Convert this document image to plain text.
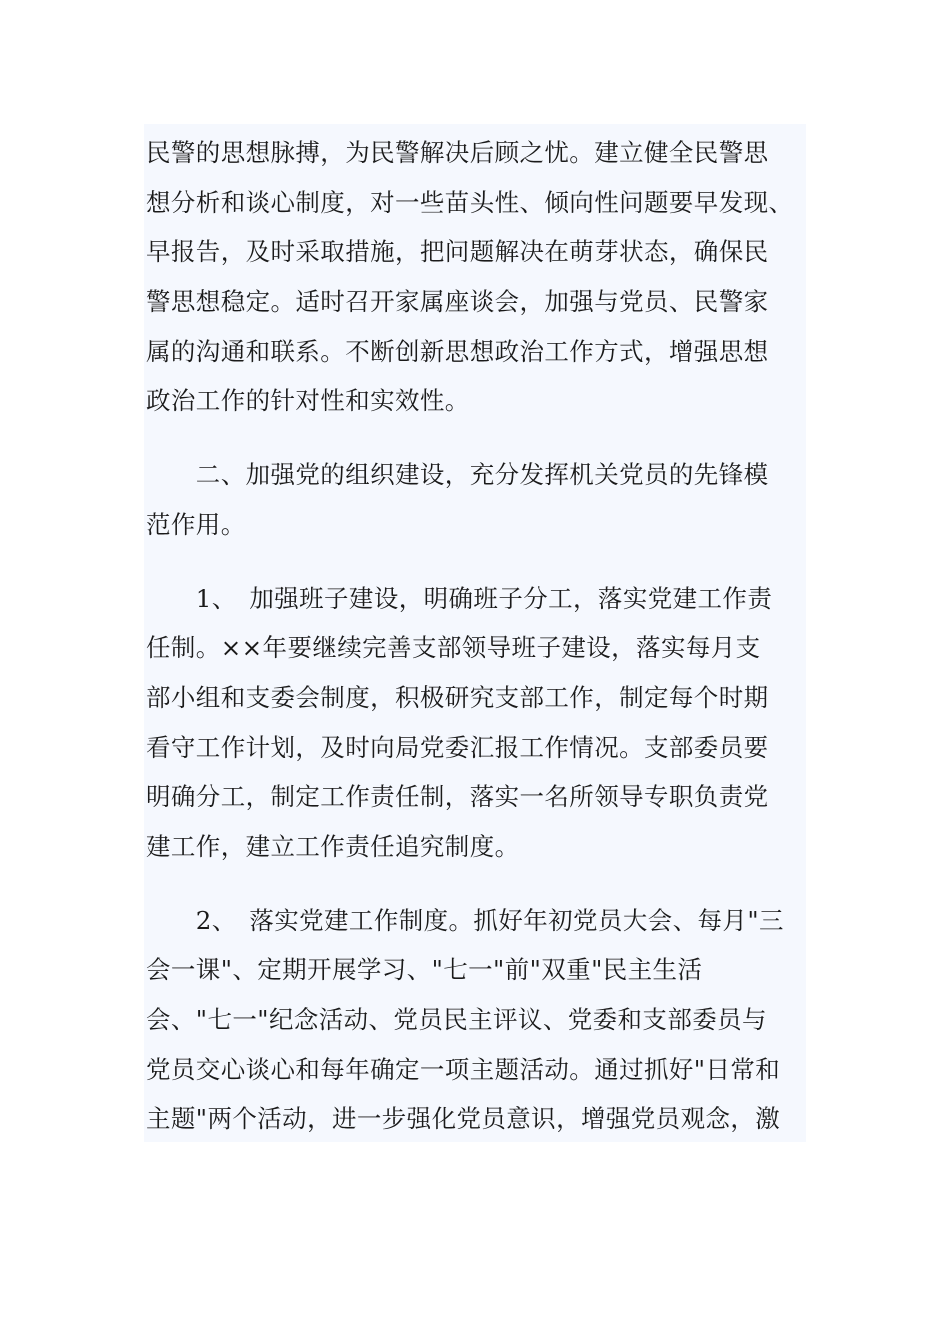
民警的思想脉搏，为民警解决后顾之忧。建立健全民警思
想分析和谈心制度，对一些苗头性、倾向性问题要早发现、
早报告，及时采取措施，把问题解决在萌芽状态，确保民
警思想稳定。适时召开家属座谈会，加强与党员、民警家
属的沟通和联系。不断创新思想政治工作方式，增强思想
政治工作的针对性和实效性。
　　二、加强党的组织建设，充分发挥机关党员的先锋模
范作用。
　　1、　加强班子建设，明确班子分工，落实党建工作责
任制。××年要继续完善支部领导班子建设，落实每月支
部小组和支委会制度，积极研究支部工作，制定每个时期
看守工作计划，及时向局党委汇报工作情况。支部委员要
明确分工，制定工作责任制，落实一名所领导专职负责党
建工作，建立工作责任追究制度。
　　2、　落实党建工作制度。抓好年初党员大会、每月"三
会一课"、定期开展学习、"七一"前"双重"民主生活
会、"七一"纪念活动、党员民主评议、党委和支部委员与
党员交心谈心和每年确定一项主题活动。通过抓好"日常和
主题"两个活动，进一步强化党员意识，增强党员观念，激
